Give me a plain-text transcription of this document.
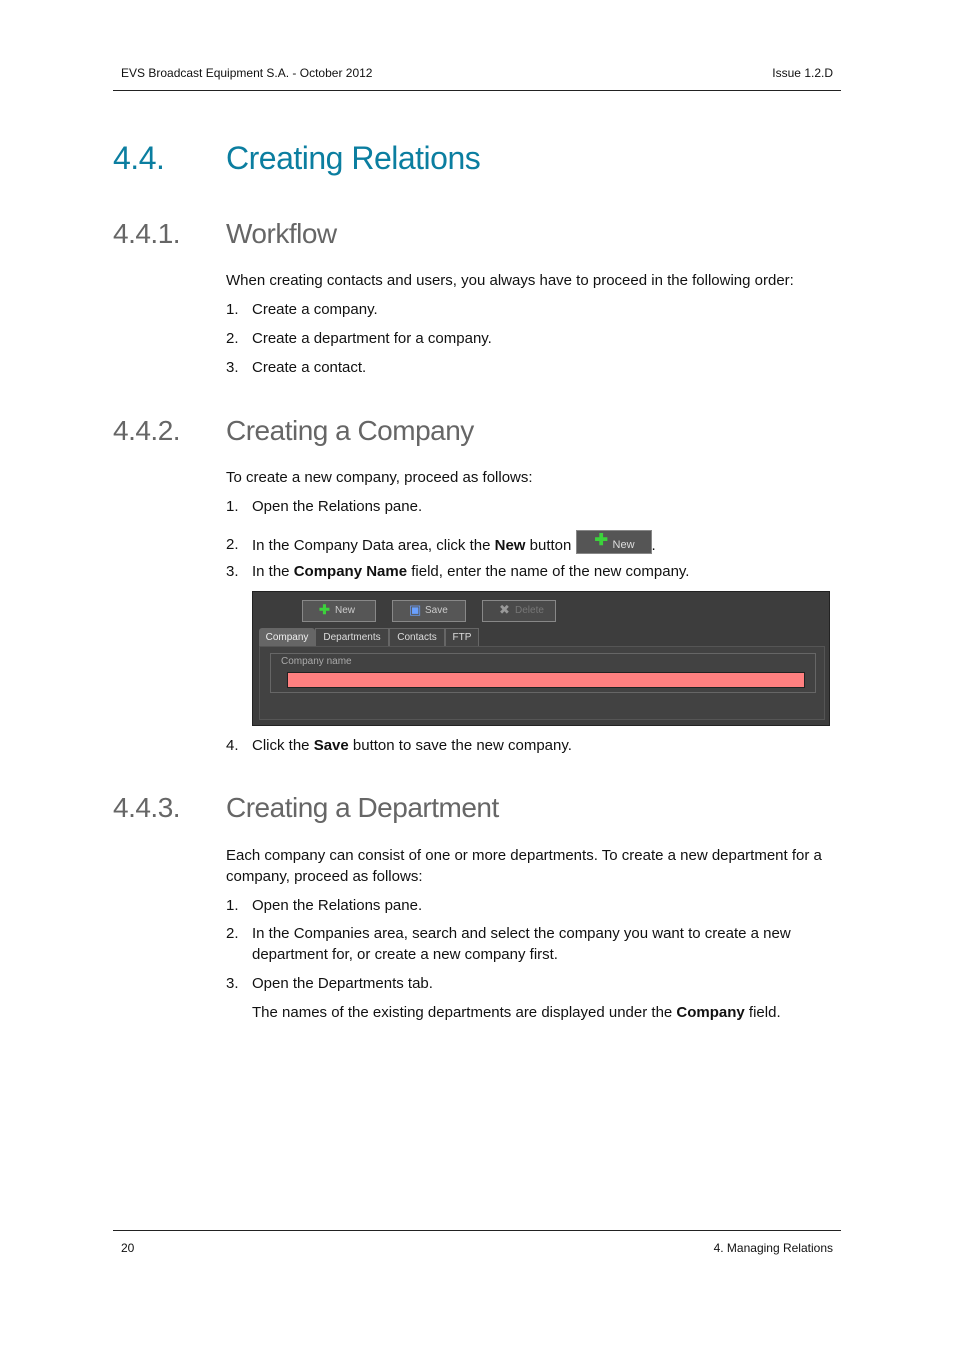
EVS Broadcast Equipment S.A. - October 2012	Issue 1.2.D
4.4. Creating Relations
4.4.1. Workflow
When creating contacts and users, you always have to proceed in the following order:
1. Create a company.
2. Create a department for a company.
3. Create a contact.
4.4.2. Creating a Company
To create a new company, proceed as follows:
1. Open the Relations pane.
2. In the Company Data area, click the New button ✚ New .
3. In the Company Name field, enter the name of the new company.
✚ New	▣ Save	✖ Delete
Company	Departments	Contacts	FTP
Company name
4. Click the Save button to save the new company.
4.4.3. Creating a Department
Each company can consist of one or more departments. To create a new department for a company, proceed as follows:
1. Open the Relations pane.
2. In the Companies area, search and select the company you want to create a new department for, or create a new company first.
3. Open the Departments tab.
The names of the existing departments are displayed under the Company field.
20	4. Managing Relations
